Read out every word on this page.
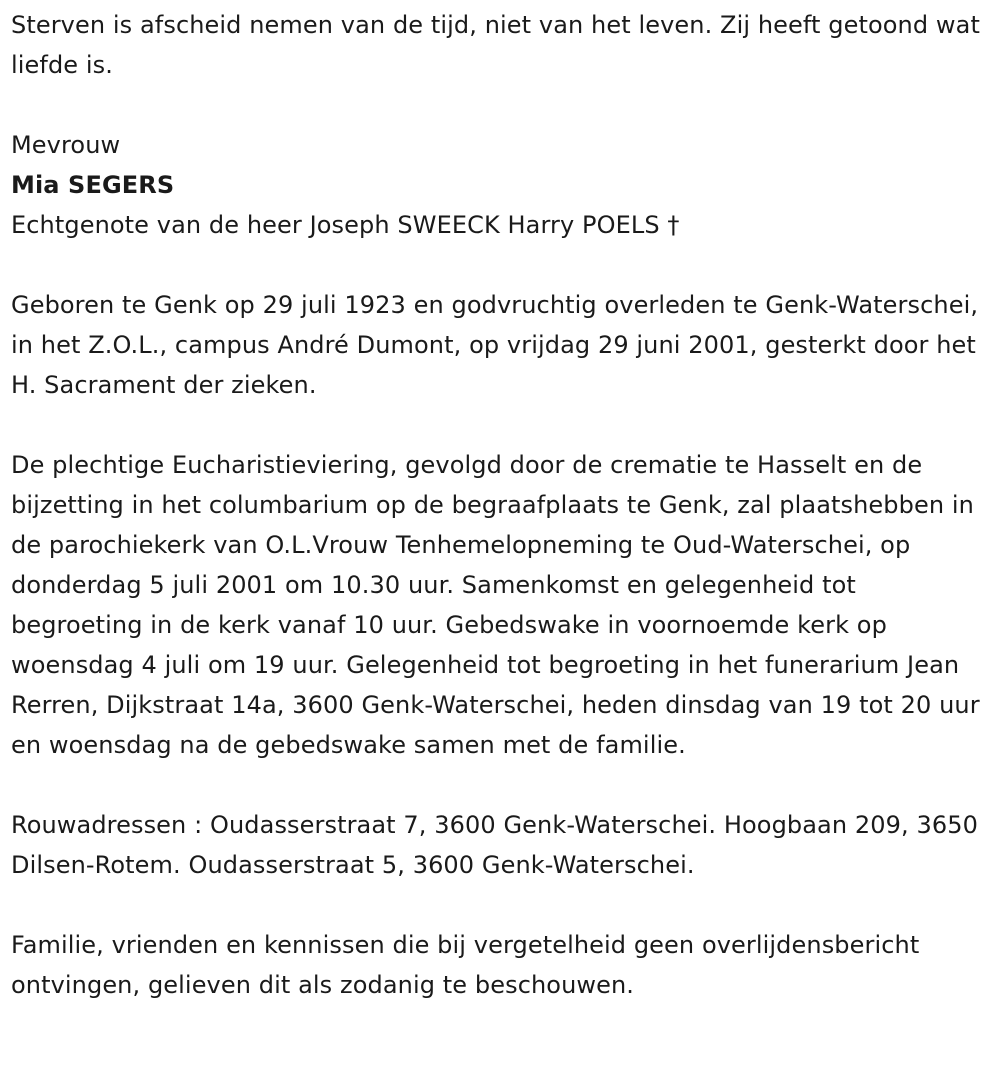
Sterven is afscheid nemen van de tijd, niet van het leven. Zij heeft getoond wat liefde is.

Mevrouw

Mia SEGERS

Echtgenote van de heer Joseph SWEECK Harry POELS †

Geboren te Genk op 29 juli 1923 en godvruchtig overleden te Genk-Waterschei, in het Z.O.L., campus André Dumont, op vrijdag 29 juni 2001, gesterkt door het H. Sacrament der zieken.

De plechtige Eucharistieviering, gevolgd door de crematie te Hasselt en de bijzetting in het columbarium op de begraafplaats te Genk, zal plaatshebben in de parochiekerk van O.L.Vrouw Tenhemelopneming te Oud-Waterschei, op donderdag 5 juli 2001 om 10.30 uur. Samenkomst en gelegenheid tot begroeting in de kerk vanaf 10 uur. Gebedswake in voornoemde kerk op woensdag 4 juli om 19 uur. Gelegenheid tot begroeting in het funerarium Jean Rerren, Dijkstraat 14a, 3600 Genk-Waterschei, heden dinsdag van 19 tot 20 uur en woensdag na de gebedswake samen met de familie.

Rouwadressen : Oudasserstraat 7, 3600 Genk-Waterschei. Hoogbaan 209, 3650 Dilsen-Rotem. Oudasserstraat 5, 3600 Genk-Waterschei.

Familie, vrienden en kennissen die bij vergetelheid geen overlijdensbericht ontvingen, gelieven dit als zodanig te beschouwen.
